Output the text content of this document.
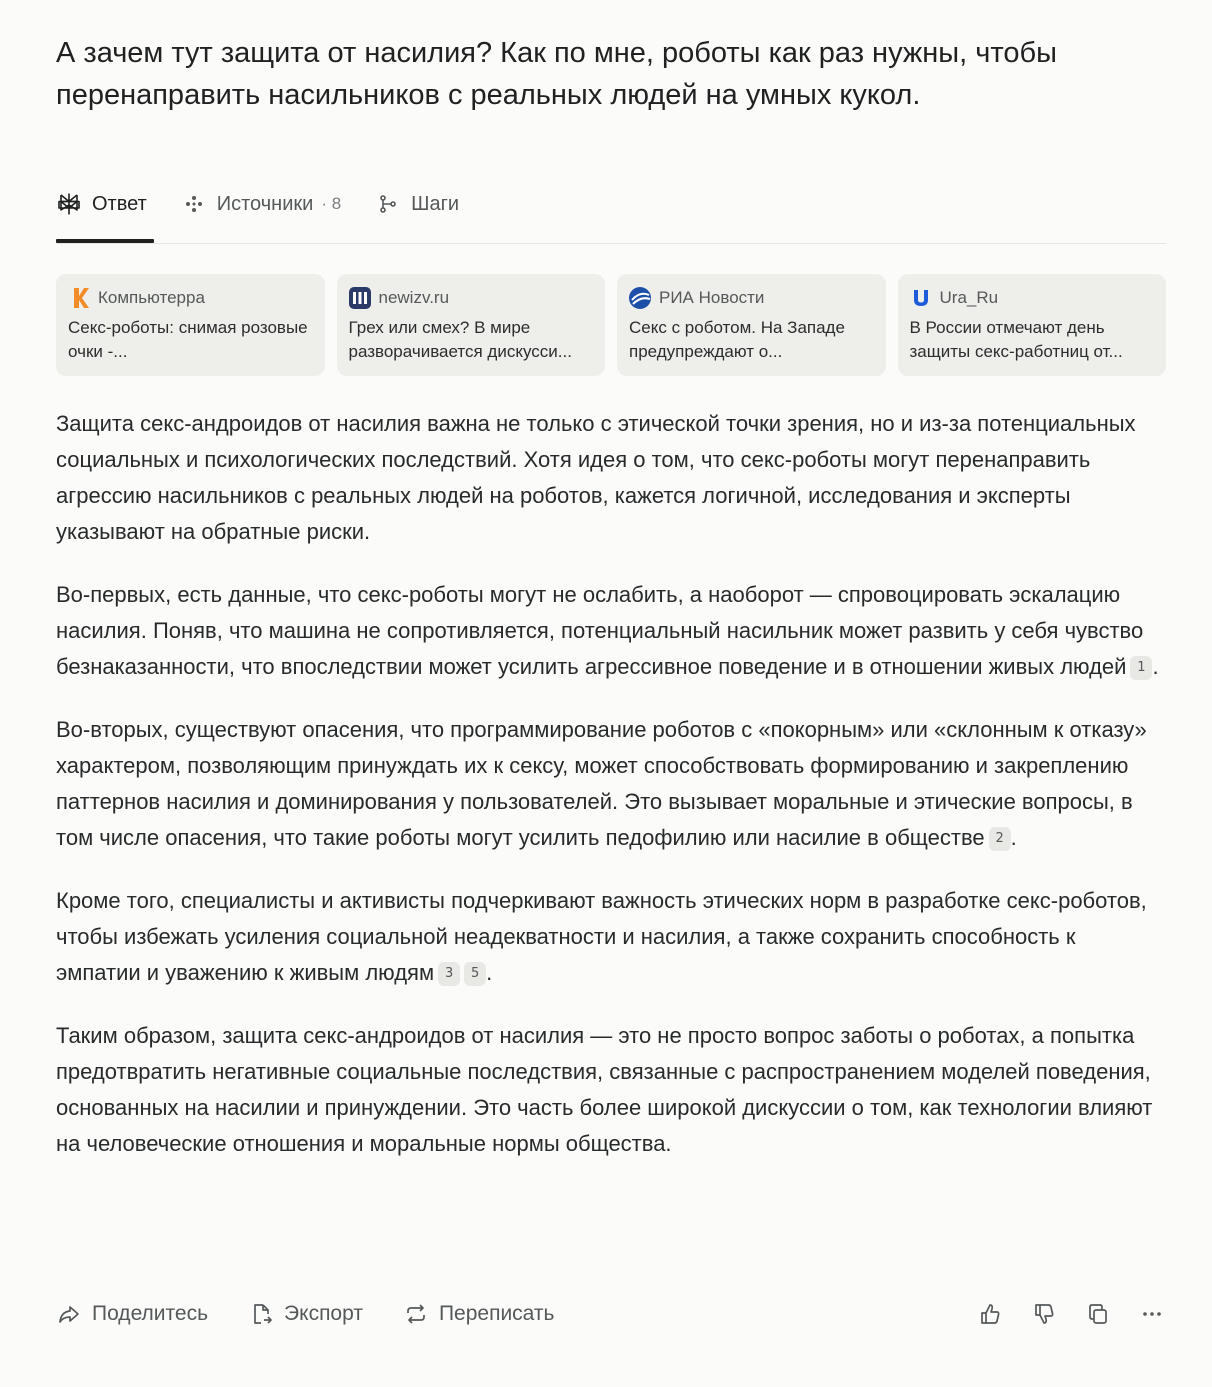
А зачем тут защита от насилия? Как по мне, роботы как раз нужны, чтобы перенаправить насильников с реальных людей на умных кукол.
Ответ	Источники · 8	Шаги
Компьютерра
Секс-роботы: снимая розовые очки -...
newizv.ru
Грех или смех? В мире разворачивается дискусси...
РИА Новости
Секс с роботом. На Западе предупреждают о...
Ura_Ru
В России отмечают день защиты секс-работниц от...

Защита секс-андроидов от насилия важна не только с этической точки зрения, но и из-за потенциальных социальных и психологических последствий. Хотя идея о том, что секс-роботы могут перенаправить агрессию насильников с реальных людей на роботов, кажется логичной, исследования и эксперты указывают на обратные риски.

Во-первых, есть данные, что секс-роботы могут не ослабить, а наоборот — спровоцировать эскалацию насилия. Поняв, что машина не сопротивляется, потенциальный насильник может развить у себя чувство безнаказанности, что впоследствии может усилить агрессивное поведение и в отношении живых людей 1 .

Во-вторых, существуют опасения, что программирование роботов с «покорным» или «склонным к отказу» характером, позволяющим принуждать их к сексу, может способствовать формированию и закреплению паттернов насилия и доминирования у пользователей. Это вызывает моральные и этические вопросы, в том числе опасения, что такие роботы могут усилить педофилию или насилие в обществе 2 .

Кроме того, специалисты и активисты подчеркивают важность этических норм в разработке секс-роботов, чтобы избежать усиления социальной неадекватности и насилия, а также сохранить способность к эмпатии и уважению к живым людям 3 5 .

Таким образом, защита секс-андроидов от насилия — это не просто вопрос заботы о роботах, а попытка предотвратить негативные социальные последствия, связанные с распространением моделей поведения, основанных на насилии и принуждении. Это часть более широкой дискуссии о том, как технологии влияют на человеческие отношения и моральные нормы общества.

Поделитесь	Экспорт	Переписать
